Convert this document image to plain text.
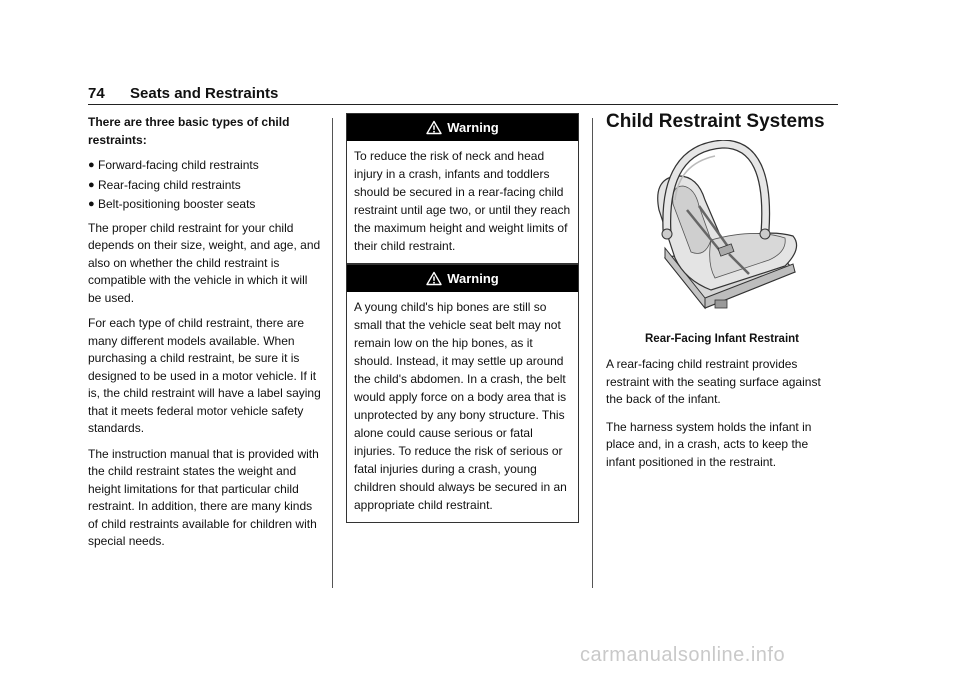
74 Seats and Restraints

There are three basic types of child restraints:

● Forward-facing child restraints
● Rear-facing child restraints
● Belt-positioning booster seats

The proper child restraint for your child depends on their size, weight, and age, and also on whether the child restraint is compatible with the vehicle in which it will be used.

For each type of child restraint, there are many different models available. When purchasing a child restraint, be sure it is designed to be used in a motor vehicle. If it is, the child restraint will have a label saying that it meets federal motor vehicle safety standards.

The instruction manual that is provided with the child restraint states the weight and height limitations for that particular child restraint. In addition, there are many kinds of child restraints available for children with special needs.

Warning
To reduce the risk of neck and head injury in a crash, infants and toddlers should be secured in a rear-facing child restraint until age two, or until they reach the maximum height and weight limits of their child restraint.
Warning
A young child's hip bones are still so small that the vehicle seat belt may not remain low on the hip bones, as it should. Instead, it may settle up around the child's abdomen. In a crash, the belt would apply force on a body area that is unprotected by any bony structure. This alone could cause serious or fatal injuries. To reduce the risk of serious or fatal injuries during a crash, young children should always be secured in an appropriate child restraint.
Child Restraint Systems
Rear-Facing Infant Restraint

A rear-facing child restraint provides restraint with the seating surface against the back of the infant.

The harness system holds the infant in place and, in a crash, acts to keep the infant positioned in the restraint.

carmanualsonline.info
